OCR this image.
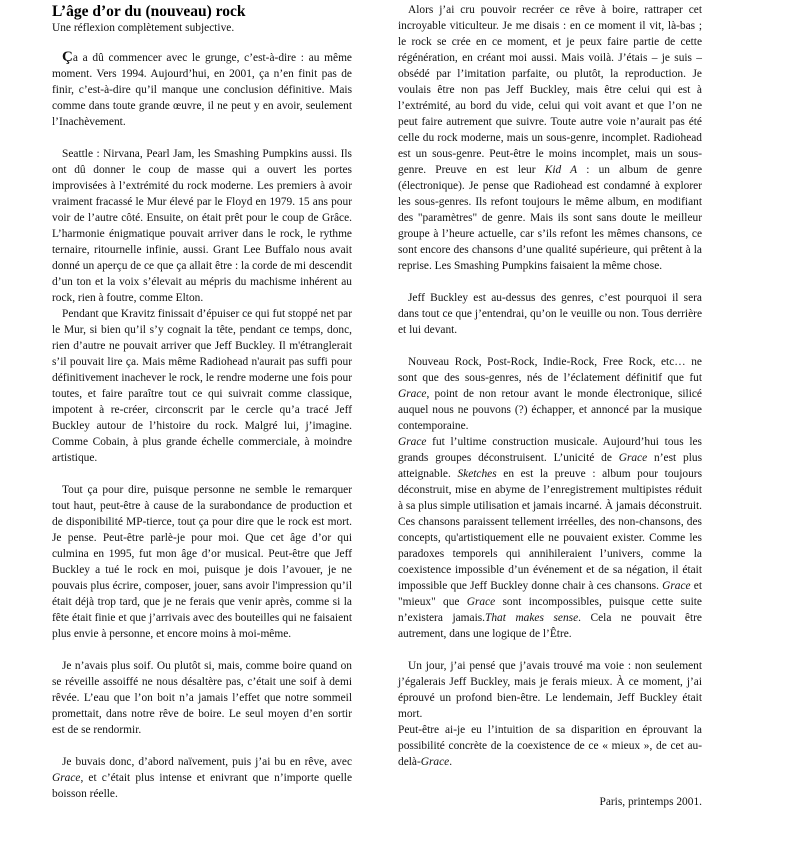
L’âge d’or du (nouveau) rock

Une réflexion complètement subjective.

Ça a dû commencer avec le grunge, c’est-à-dire : au même moment. Vers 1994. Aujourd’hui, en 2001, ça n’en finit pas de finir, c’est-à-dire qu’il manque une conclusion définitive. Mais comme dans toute grande œuvre, il ne peut y en avoir, seulement l’Inachèvement.

Seattle : Nirvana, Pearl Jam, les Smashing Pumpkins aussi. Ils ont dû donner le coup de masse qui a ouvert les portes improvisées à l’extrémité du rock moderne. Les premiers à avoir vraiment fracassé le Mur élevé par le Floyd en 1979. 15 ans pour voir de l’autre côté. Ensuite, on était prêt pour le coup de Grâce. L’harmonie énigmatique pouvait arriver dans le rock, le rythme ternaire, ritournelle infinie, aussi. Grant Lee Buffalo nous avait donné un aperçu de ce que ça allait être : la corde de mi descendit d’un ton et la voix s’élevait au mépris du machisme inhérent au rock, rien à foutre, comme Elton.

Pendant que Kravitz finissait d’épuiser ce qui fut stoppé net par le Mur, si bien qu’il s’y cognait la tête, pendant ce temps, donc, rien d’autre ne pouvait arriver que Jeff Buckley. Il m'étranglerait s’il pouvait lire ça. Mais même Radiohead n'aurait pas suffi pour définitivement inachever le rock, le rendre moderne une fois pour toutes, et faire paraître tout ce qui suivrait comme classique, impotent à re-créer, circonscrit par le cercle qu’a tracé Jeff Buckley autour de l’histoire du rock. Malgré lui, j’imagine. Comme Cobain, à plus grande échelle commerciale, à moindre artistique.

Tout ça pour dire, puisque personne ne semble le remarquer tout haut, peut-être à cause de la surabondance de production et de disponibilité MP-tierce, tout ça pour dire que le rock est mort. Je pense. Peut-être parlè-je pour moi. Que cet âge d’or qui culmina en 1995, fut mon âge d’or musical. Peut-être que Jeff Buckley a tué le rock en moi, puisque je dois l’avouer, je ne pouvais plus écrire, composer, jouer, sans avoir l'impression qu’il était déjà trop tard, que je ne ferais que venir après, comme si la fête était finie et que j’arrivais avec des bouteilles qui ne faisaient plus envie à personne, et encore moins à moi-même.

Je n’avais plus soif. Ou plutôt si, mais, comme boire quand on se réveille assoiffé ne nous désaltère pas, c’était une soif à demi rêvée. L’eau que l’on boit n’a jamais l’effet que notre sommeil promettait, dans notre rêve de boire. Le seul moyen d’en sortir est de se rendormir.

Je buvais donc, d’abord naïvement, puis j’ai bu en rêve, avec Grace, et c’était plus intense et enivrant que n’importe quelle boisson réelle.

Alors j’ai cru pouvoir recréer ce rêve à boire, rattraper cet incroyable viticulteur. Je me disais : en ce moment il vit, là-bas ; le rock se crée en ce moment, et je peux faire partie de cette régénération, en créant moi aussi. Mais voilà. J’étais – je suis – obsédé par l’imitation parfaite, ou plutôt, la reproduction. Je voulais être non pas Jeff Buckley, mais être celui qui est à l’extrémité, au bord du vide, celui qui voit avant et que l’on ne peut faire autrement que suivre. Toute autre voie n’aurait pas été celle du rock moderne, mais un sous-genre, incomplet. Radiohead est un sous-genre. Peut-être le moins incomplet, mais un sous-genre. Preuve en est leur Kid A : un album de genre (électronique). Je pense que Radiohead est condamné à explorer les sous-genres. Ils refont toujours le même album, en modifiant des "paramètres" de genre. Mais ils sont sans doute le meilleur groupe à l’heure actuelle, car s’ils refont les mêmes chansons, ce sont encore des chansons d’une qualité supérieure, qui prêtent à la reprise. Les Smashing Pumpkins faisaient la même chose.

Jeff Buckley est au-dessus des genres, c’est pourquoi il sera dans tout ce que j’entendrai, qu’on le veuille ou non. Tous derrière et lui devant.

Nouveau Rock, Post-Rock, Indie-Rock, Free Rock, etc… ne sont que des sous-genres, nés de l’éclatement définitif que fut Grace, point de non retour avant le monde électronique, silicé auquel nous ne pouvons (?) échapper, et annoncé par la musique contemporaine.

Grace fut l’ultime construction musicale. Aujourd’hui tous les grands groupes déconstruisent. L’unicité de Grace n’est plus atteignable. Sketches en est la preuve : album pour toujours déconstruit, mise en abyme de l’enregistrement multipistes réduit à sa plus simple utilisation et jamais incarné. À jamais déconstruit. Ces chansons paraissent tellement irréelles, des non-chansons, des concepts, qu'artistiquement elle ne pouvaient exister. Comme les paradoxes temporels qui annihileraient l’univers, comme la coexistence impossible d’un événement et de sa négation, il était impossible que Jeff Buckley donne chair à ces chansons. Grace et "mieux" que Grace sont incompossibles, puisque cette suite n’existera jamais.That makes sense. Cela ne pouvait être autrement, dans une logique de l’Être.

Un jour, j’ai pensé que j’avais trouvé ma voie : non seulement j’égalerais Jeff Buckley, mais je ferais mieux. À ce moment, j’ai éprouvé un profond bien-être. Le lendemain, Jeff Buckley était mort.

Peut-être ai-je eu l’intuition de sa disparition en éprouvant la possibilité concrète de la coexistence de ce « mieux », de cet au-delà-Grace.

Paris, printemps 2001.
